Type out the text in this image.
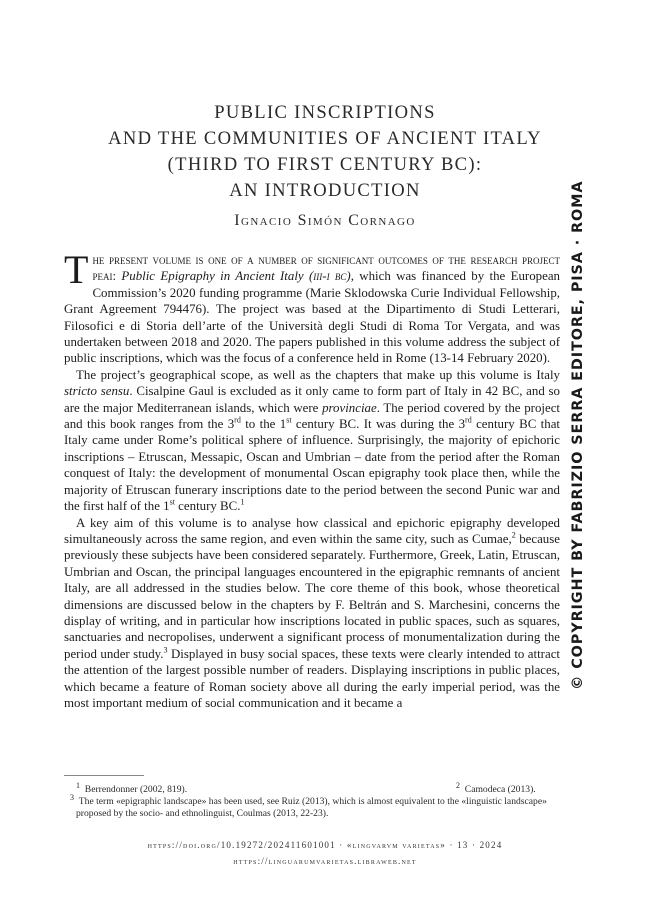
PUBLIC INSCRIPTIONS
AND THE COMMUNITIES OF ANCIENT ITALY
(THIRD TO FIRST CENTURY BC):
AN INTRODUCTION
Ignacio Simón Cornago

The present volume is one of a number of significant outcomes of the research project peai: Public Epigraphy in Ancient Italy (iii-i bc), which was financed by the European Commission’s 2020 funding programme (Marie Sklodowska Curie Individual Fellowship, Grant Agreement 794476). The project was based at the Dipartimento di Studi Letterari, Filosofici e di Storia dell’arte of the Università degli Studi di Roma Tor Vergata, and was undertaken between 2018 and 2020. The papers published in this volume address the subject of public inscriptions, which was the focus of a conference held in Rome (13-14 February 2020).

The project’s geographical scope, as well as the chapters that make up this volume is Italy stricto sensu. Cisalpine Gaul is excluded as it only came to form part of Italy in 42 BC, and so are the major Mediterranean islands, which were provinciae. The period covered by the project and this book ranges from the 3rd to the 1st century BC. It was during the 3rd century BC that Italy came under Rome’s political sphere of influence. Surprisingly, the majority of epichoric inscriptions – Etruscan, Messapic, Oscan and Umbrian – date from the period after the Roman conquest of Italy: the development of monumental Oscan epigraphy took place then, while the majority of Etruscan funerary inscriptions date to the period between the second Punic war and the first half of the 1st century BC.$^1$

A key aim of this volume is to analyse how classical and epichoric epigraphy developed simultaneously across the same region, and even within the same city, such as Cumae,$^2$ because previously these subjects have been considered separately. Furthermore, Greek, Latin, Etruscan, Umbrian and Oscan, the principal languages encountered in the epigraphic remnants of ancient Italy, are all addressed in the studies below. The core theme of this book, whose theoretical dimensions are discussed below in the chapters by F. Beltrán and S. Marchesini, concerns the display of writing, and in particular how inscriptions located in public spaces, such as squares, sanctuaries and necropolises, underwent a significant process of monumentalization during the period under study.$^3$ Displayed in busy social spaces, these texts were clearly intended to attract the attention of the largest possible number of readers. Displaying inscriptions in public places, which became a feature of Roman society above all during the early imperial period, was the most important medium of social communication and it became a

$^1$ Berrendonner (2002, 819).	$^2$ Camodeca (2013).
$^3$ The term «epigraphic landscape» has been used, see Ruiz (2013), which is almost equivalent to the «linguistic landscape» proposed by the socio- and ethnolinguist, Coulmas (2013, 22-23).
https://doi.org/10.19272/202411601001 · «lingvarvm varietas» · 13 · 2024
https://linguarumvarietas.libraweb.net
© COPYRIGHT BY FABRIZIO SERRA EDITORE, PISA · ROMA
